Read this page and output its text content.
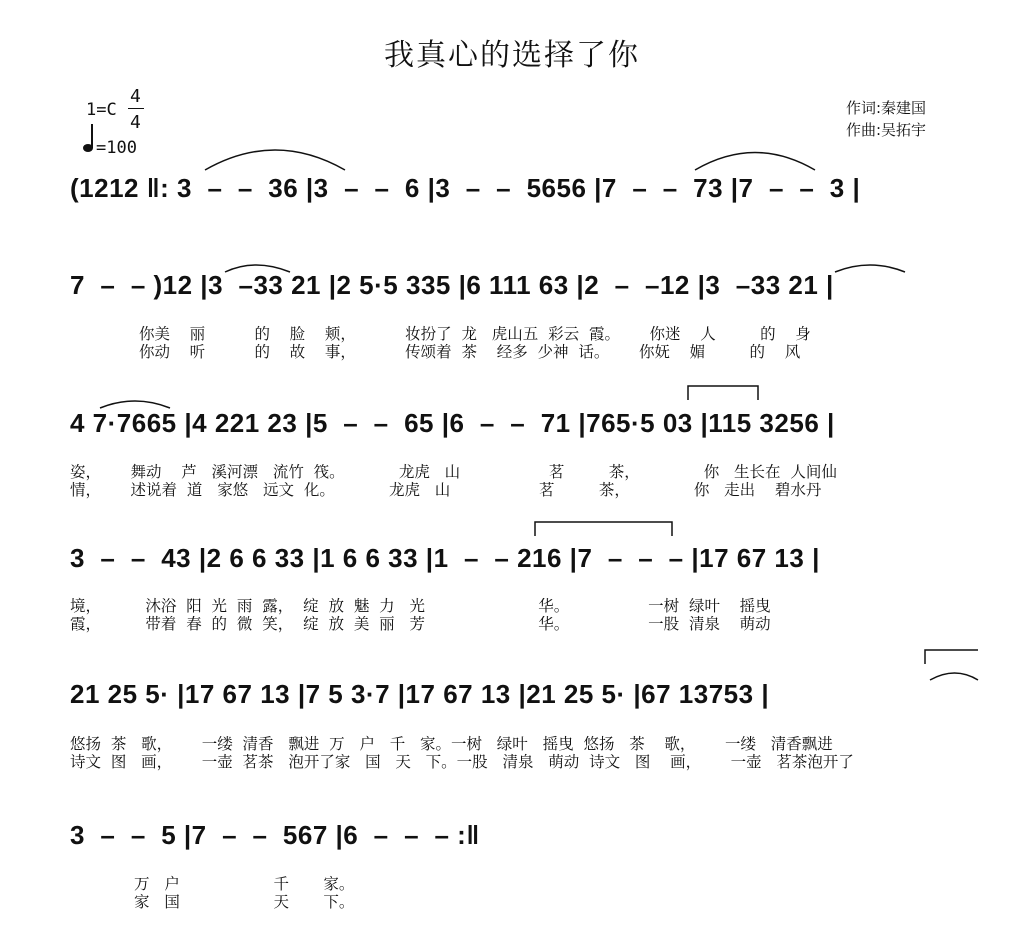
我真心的选择了你
1=C
4
4
=100
作词:秦建国
作曲:吴拓宇
(1212 ‖: 3  –  –  36 |3  –  –  6 |3  –  –  5656 |7  –  –  73 |7  –  –  3 |
7  –  – )12 |3  –33 21 |2 5·5 335 |6 111 63 |2  –  –12 |3  –33 21 |
你美    丽          的    脸    颊，          妆扮了  龙   虎山五  彩云  霞。      你迷    人         的    身
你动    听          的    故    事，          传颂着  茶    经多  少神  话。      你妩    媚         的    风
4 7·7665 |4 221 23 |5  –  –  65 |6  –  –  71 |765·5 03 |115 3256 |
姿，      舞动    芦   溪河漂   流竹  筏。           龙虎   山                  茗         茶，             你   生长在  人间仙
情，      述说着  道   家悠   远文  化。           龙虎   山                  茗         茶，             你   走出    碧水丹
3  –  –  43 |2 6 6 33 |1 6 6 33 |1  –  – 216 |7  –  –  – |17 67 13 |
境，         沐浴  阳  光  雨  露，  绽  放  魅  力   光                       华。                一树  绿叶    摇曳
霞，         带着  春  的  微  笑，  绽  放  美  丽   芳                       华。                一股  清泉    萌动
21 25 5· |17 67 13 |7 5 3·7 |17 67 13 |21 25 5· |67 13753 |
悠扬  茶   歌，      一缕  清香   飘进  万   户   千   家。一树   绿叶   摇曳  悠扬   茶    歌，      一缕   清香飘进
诗文  图   画，      一壶  茗茶   泡开了家   国   天   下。一股   清泉   萌动  诗文   图    画，      一壶   茗茶泡开了
3  –  –  5 |7  –  –  567 |6  –  –  – :‖
万   户                   千       家。
家   国                   天       下。
